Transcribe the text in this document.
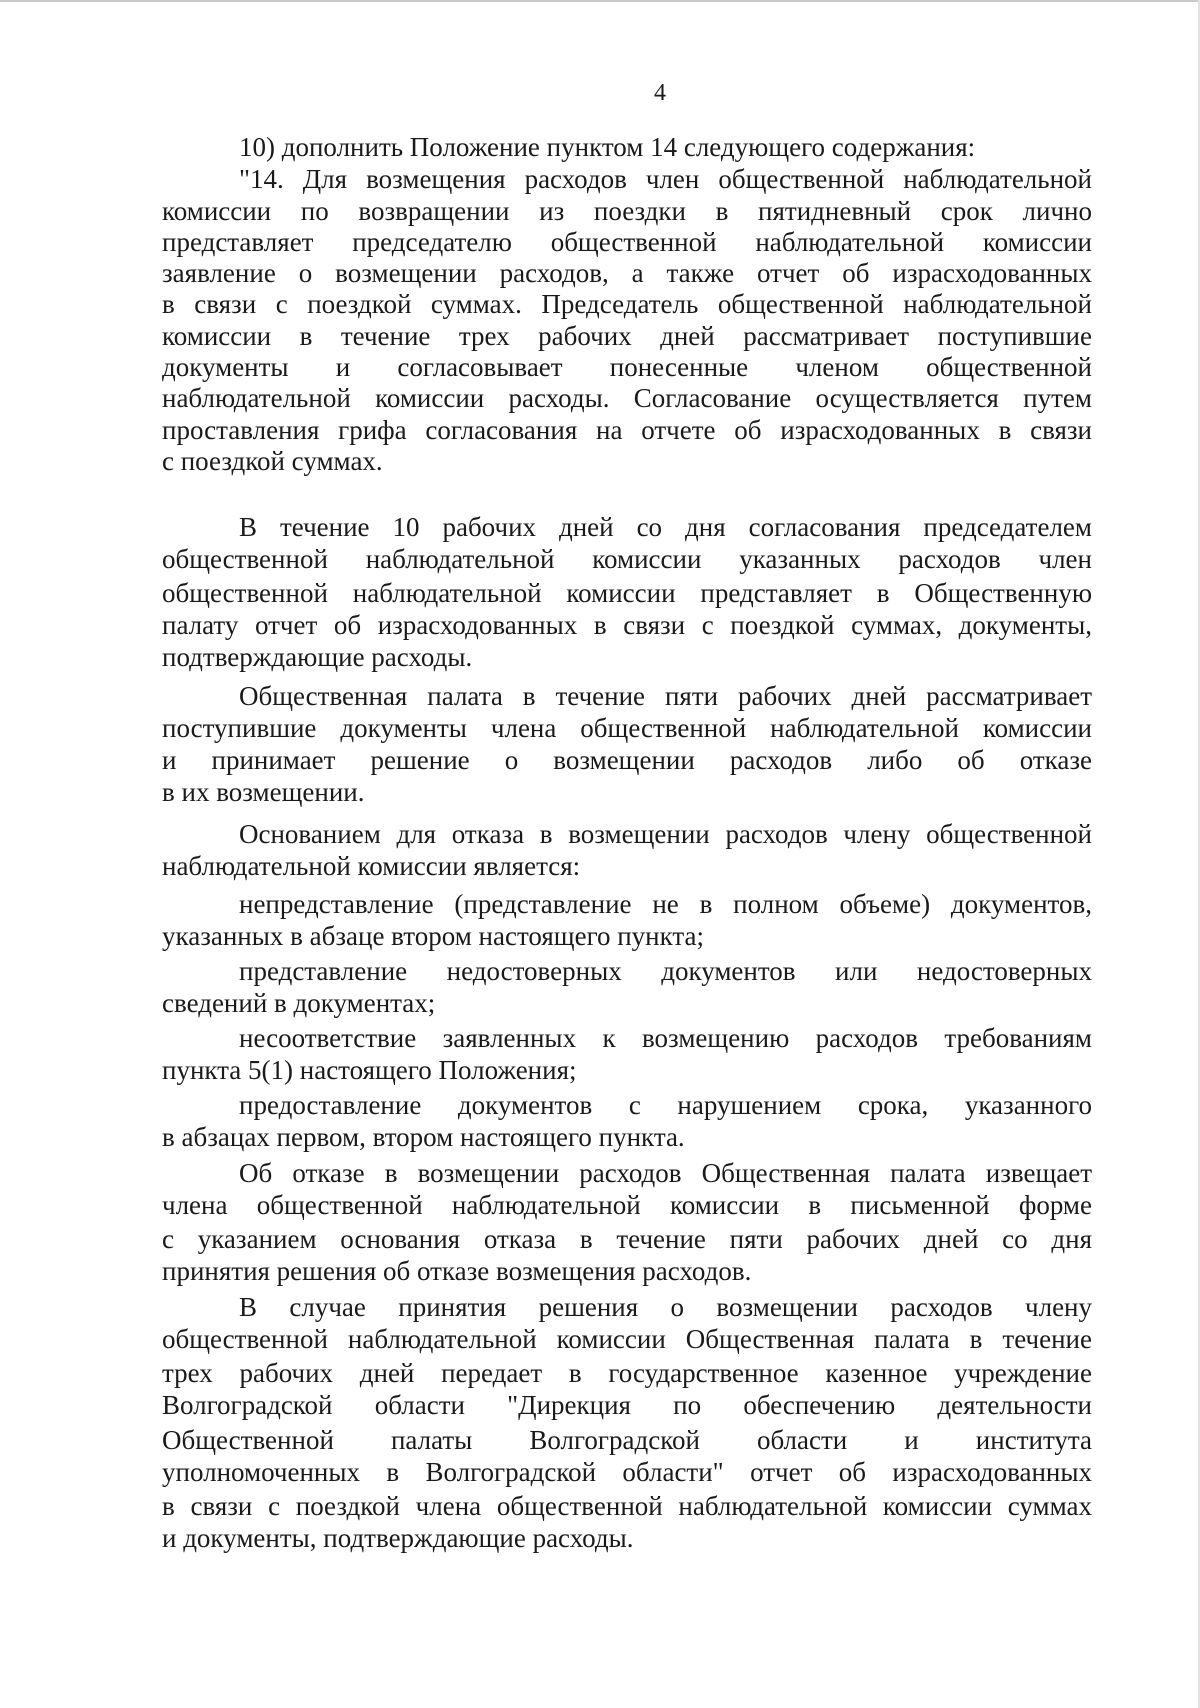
4
10) дополнить Положение пунктом 14 следующего содержания:
"14. Для возмещения расходов член общественной наблюдательной
комиссии по возвращении из поездки в пятидневный срок лично
представляет председателю общественной наблюдательной комиссии
заявление о возмещении расходов, а также отчет об израсходованных
в связи с поездкой суммах. Председатель общественной наблюдательной
комиссии в течение трех рабочих дней рассматривает поступившие
документы и согласовывает понесенные членом общественной
наблюдательной комиссии расходы. Согласование осуществляется путем
проставления грифа согласования на отчете об израсходованных в связи
с поездкой суммах.
В течение 10 рабочих дней со дня согласования председателем
общественной наблюдательной комиссии указанных расходов член
общественной наблюдательной комиссии представляет в Общественную
палату отчет об израсходованных в связи с поездкой суммах, документы,
подтверждающие расходы.
Общественная палата в течение пяти рабочих дней рассматривает
поступившие документы члена общественной наблюдательной комиссии
и принимает решение о возмещении расходов либо об отказе
в их возмещении.
Основанием для отказа в возмещении расходов члену общественной
наблюдательной комиссии является:
непредставление (представление не в полном объеме) документов,
указанных в абзаце втором настоящего пункта;
представление недостоверных документов или недостоверных
сведений в документах;
несоответствие заявленных к возмещению расходов требованиям
пункта 5(1) настоящего Положения;
предоставление документов с нарушением срока, указанного
в абзацах первом, втором настоящего пункта.
Об отказе в возмещении расходов Общественная палата извещает
члена общественной наблюдательной комиссии в письменной форме
с указанием основания отказа в течение пяти рабочих дней со дня
принятия решения об отказе возмещения расходов.
В случае принятия решения о возмещении расходов члену
общественной наблюдательной комиссии Общественная палата в течение
трех рабочих дней передает в государственное казенное учреждение
Волгоградской области "Дирекция по обеспечению деятельности
Общественной палаты Волгоградской области и института
уполномоченных в Волгоградской области" отчет об израсходованных
в связи с поездкой члена общественной наблюдательной комиссии суммах
и документы, подтверждающие расходы.
